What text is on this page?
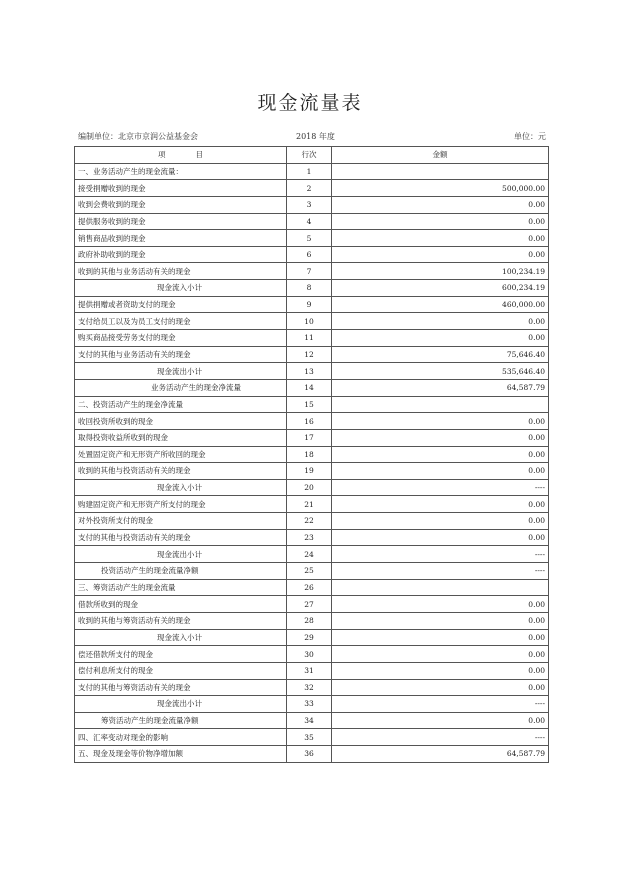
现金流量表
编制单位：北京市京润公益基金会	2018 年度	单位：元
项　　　　目	行次	金额
一、业务活动产生的现金流量：	1	
接受捐赠收到的现金	2	500,000.00
收到会费收到的现金	3	0.00
提供服务收到的现金	4	0.00
销售商品收到的现金	5	0.00
政府补助收到的现金	6	0.00
收到的其他与业务活动有关的现金	7	100,234.19
现金流入小计	8	600,234.19
提供捐赠或者资助支付的现金	9	460,000.00
支付给员工以及为员工支付的现金	10	0.00
购买商品接受劳务支付的现金	11	0.00
支付的其他与业务活动有关的现金	12	75,646.40
现金流出小计	13	535,646.40
业务活动产生的现金净流量	14	64,587.79
二、投资活动产生的现金净流量	15	
收回投资所收到的现金	16	0.00
取得投资收益所收到的现金	17	0.00
处置固定资产和无形资产所收回的现金	18	0.00
收到的其他与投资活动有关的现金	19	0.00
现金流入小计	20	----
购建固定资产和无形资产所支付的现金	21	0.00
对外投资所支付的现金	22	0.00
支付的其他与投资活动有关的现金	23	0.00
现金流出小计	24	----
投资活动产生的现金流量净额	25	----
三、筹资活动产生的现金流量	26	
借款所收到的现金	27	0.00
收到的其他与筹资活动有关的现金	28	0.00
现金流入小计	29	0.00
偿还借款所支付的现金	30	0.00
偿付利息所支付的现金	31	0.00
支付的其他与筹资活动有关的现金	32	0.00
现金流出小计	33	----
筹资活动产生的现金流量净额	34	0.00
四、汇率变动对现金的影响	35	----
五、现金及现金等价物净增加额	36	64,587.79
